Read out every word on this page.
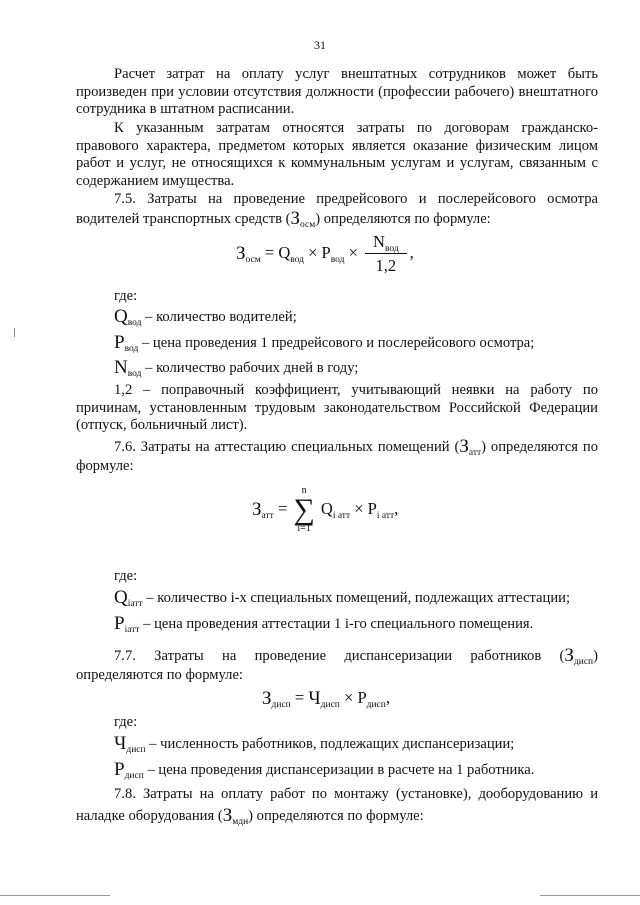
31

Расчет затрат на оплату услуг внештатных сотрудников может быть произведен при условии отсутствия должности (профессии рабочего) внештатного сотрудника в штатном расписании.

К указанным затратам относятся затраты по договорам гражданско-правового характера, предметом которых является оказание физическим лицом работ и услуг, не относящихся к коммунальным услугам и услугам, связанным с содержанием имущества.

7.5. Затраты на проведение предрейсового и послерейсового осмотра водителей транспортных средств $(З_{осм})$ определяются по формуле:

$З_{осм} = Q_{вод} \times P_{вод} \times \frac{N_{вод}}{1,2}$ ,
где:
$Q_{вод}$ – количество водителей;
$P_{вод}$ – цена проведения 1 предрейсового и послерейсового осмотра;
$N_{вод}$ – количество рабочих дней в году;

1,2 – поправочный коэффициент, учитывающий неявки на работу по причинам, установленным трудовым законодательством Российской Федерации (отпуск, больничный лист).

7.6. Затраты на аттестацию специальных помещений $(З_{атт})$ определяются по формуле:

$З_{атт}$ =
n
∑
i=1
$Q_{i атт} \times P_{i атт}$,
где:
$Q_{iатт}$ – количество i-х специальных помещений, подлежащих аттестации;
$P_{iатт}$ – цена проведения аттестации 1 i-го специального помещения.

7.7. Затраты на проведение диспансеризации работников $(З_{дисп})$ определяются по формуле:

$З_{дисп} = Ч_{дисп} \times P_{дисп}$,
где:
$Ч_{дисп}$ – численность работников, подлежащих диспансеризации;
$P_{дисп}$ – цена проведения диспансеризации в расчете на 1 работника.

7.8. Затраты на оплату работ по монтажу (установке), дооборудованию и наладке оборудования $(З_{мдн})$ определяются по формуле:
